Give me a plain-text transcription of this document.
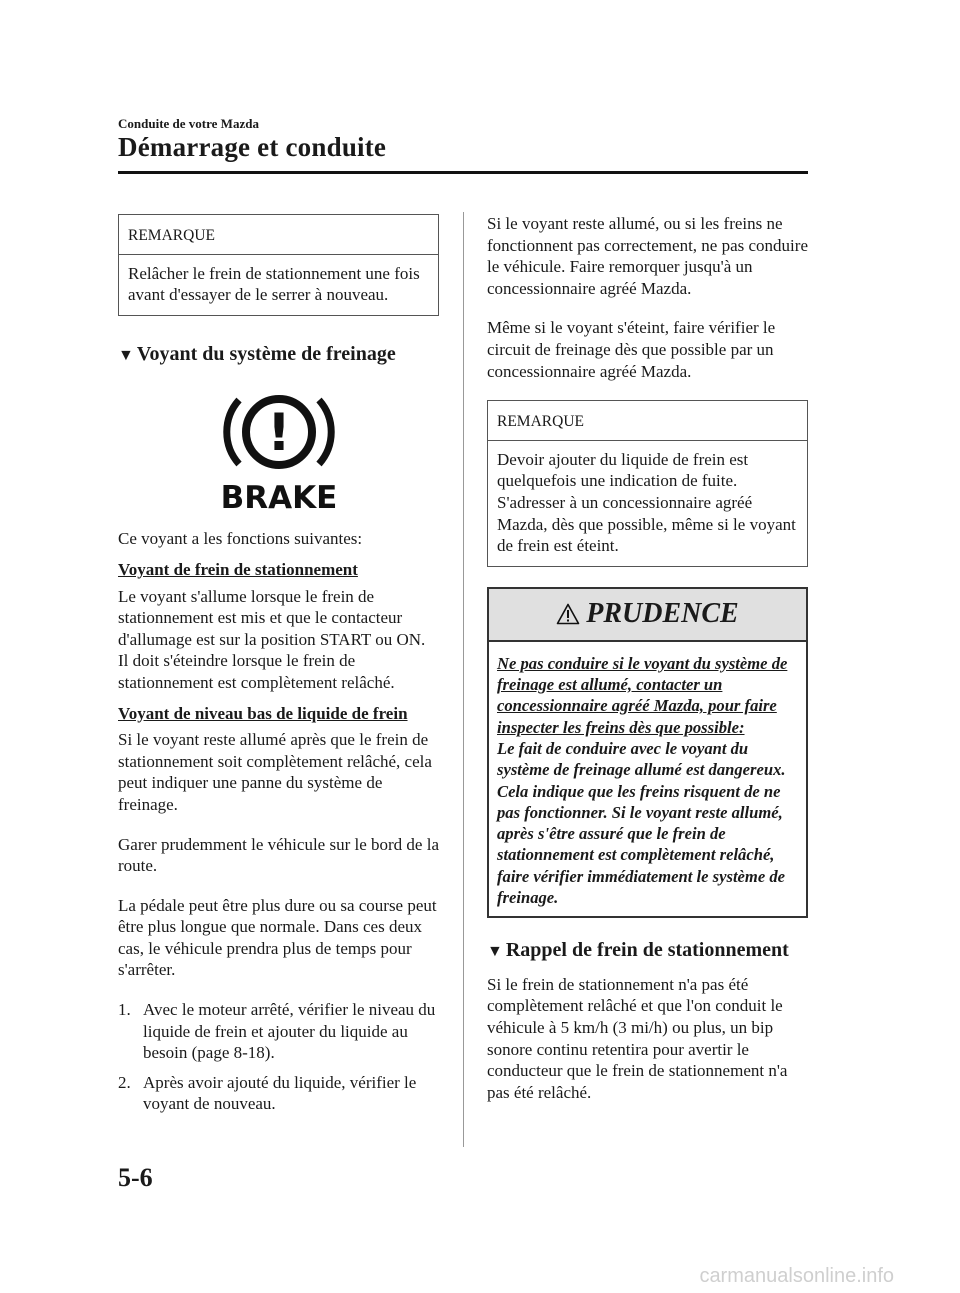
Conduite de votre Mazda
Démarrage et conduite
REMARQUE
Relâcher le frein de stationnement une fois avant d'essayer de le serrer à nouveau.
▼ Voyant du système de freinage
!
BRAKE

Ce voyant a les fonctions suivantes:

Voyant de frein de stationnement

Le voyant s'allume lorsque le frein de stationnement est mis et que le contacteur d'allumage est sur la position START ou ON. Il doit s'éteindre lorsque le frein de stationnement est complètement relâché.

Voyant de niveau bas de liquide de frein

Si le voyant reste allumé après que le frein de stationnement soit complètement relâché, cela peut indiquer une panne du système de freinage.

Garer prudemment le véhicule sur le bord de la route.

La pédale peut être plus dure ou sa course peut être plus longue que normale. Dans ces deux cas, le véhicule prendra plus de temps pour s'arrêter.

1. Avec le moteur arrêté, vérifier le niveau du liquide de frein et ajouter du liquide au besoin (page 8-18).
2. Après avoir ajouté du liquide, vérifier le voyant de nouveau.

Si le voyant reste allumé, ou si les freins ne fonctionnent pas correctement, ne pas conduire le véhicule. Faire remorquer jusqu'à un concessionnaire agréé Mazda.

Même si le voyant s'éteint, faire vérifier le circuit de freinage dès que possible par un concessionnaire agréé Mazda.

REMARQUE
Devoir ajouter du liquide de frein est quelquefois une indication de fuite. S'adresser à un concessionnaire agréé Mazda, dès que possible, même si le voyant de frein est éteint.
PRUDENCE
Ne pas conduire si le voyant du système de freinage est allumé, contacter un concessionnaire agréé Mazda, pour faire inspecter les freins dès que possible:
Le fait de conduire avec le voyant du système de freinage allumé est dangereux. Cela indique que les freins risquent de ne pas fonctionner. Si le voyant reste allumé, après s'être assuré que le frein de stationnement est complètement relâché, faire vérifier immédiatement le système de freinage.
▼ Rappel de frein de stationnement

Si le frein de stationnement n'a pas été complètement relâché et que l'on conduit le véhicule à 5 km/h (3 mi/h) ou plus, un bip sonore continu retentira pour avertir le conducteur que le frein de stationnement n'a pas été relâché.

5-6
carmanualsonline.info
